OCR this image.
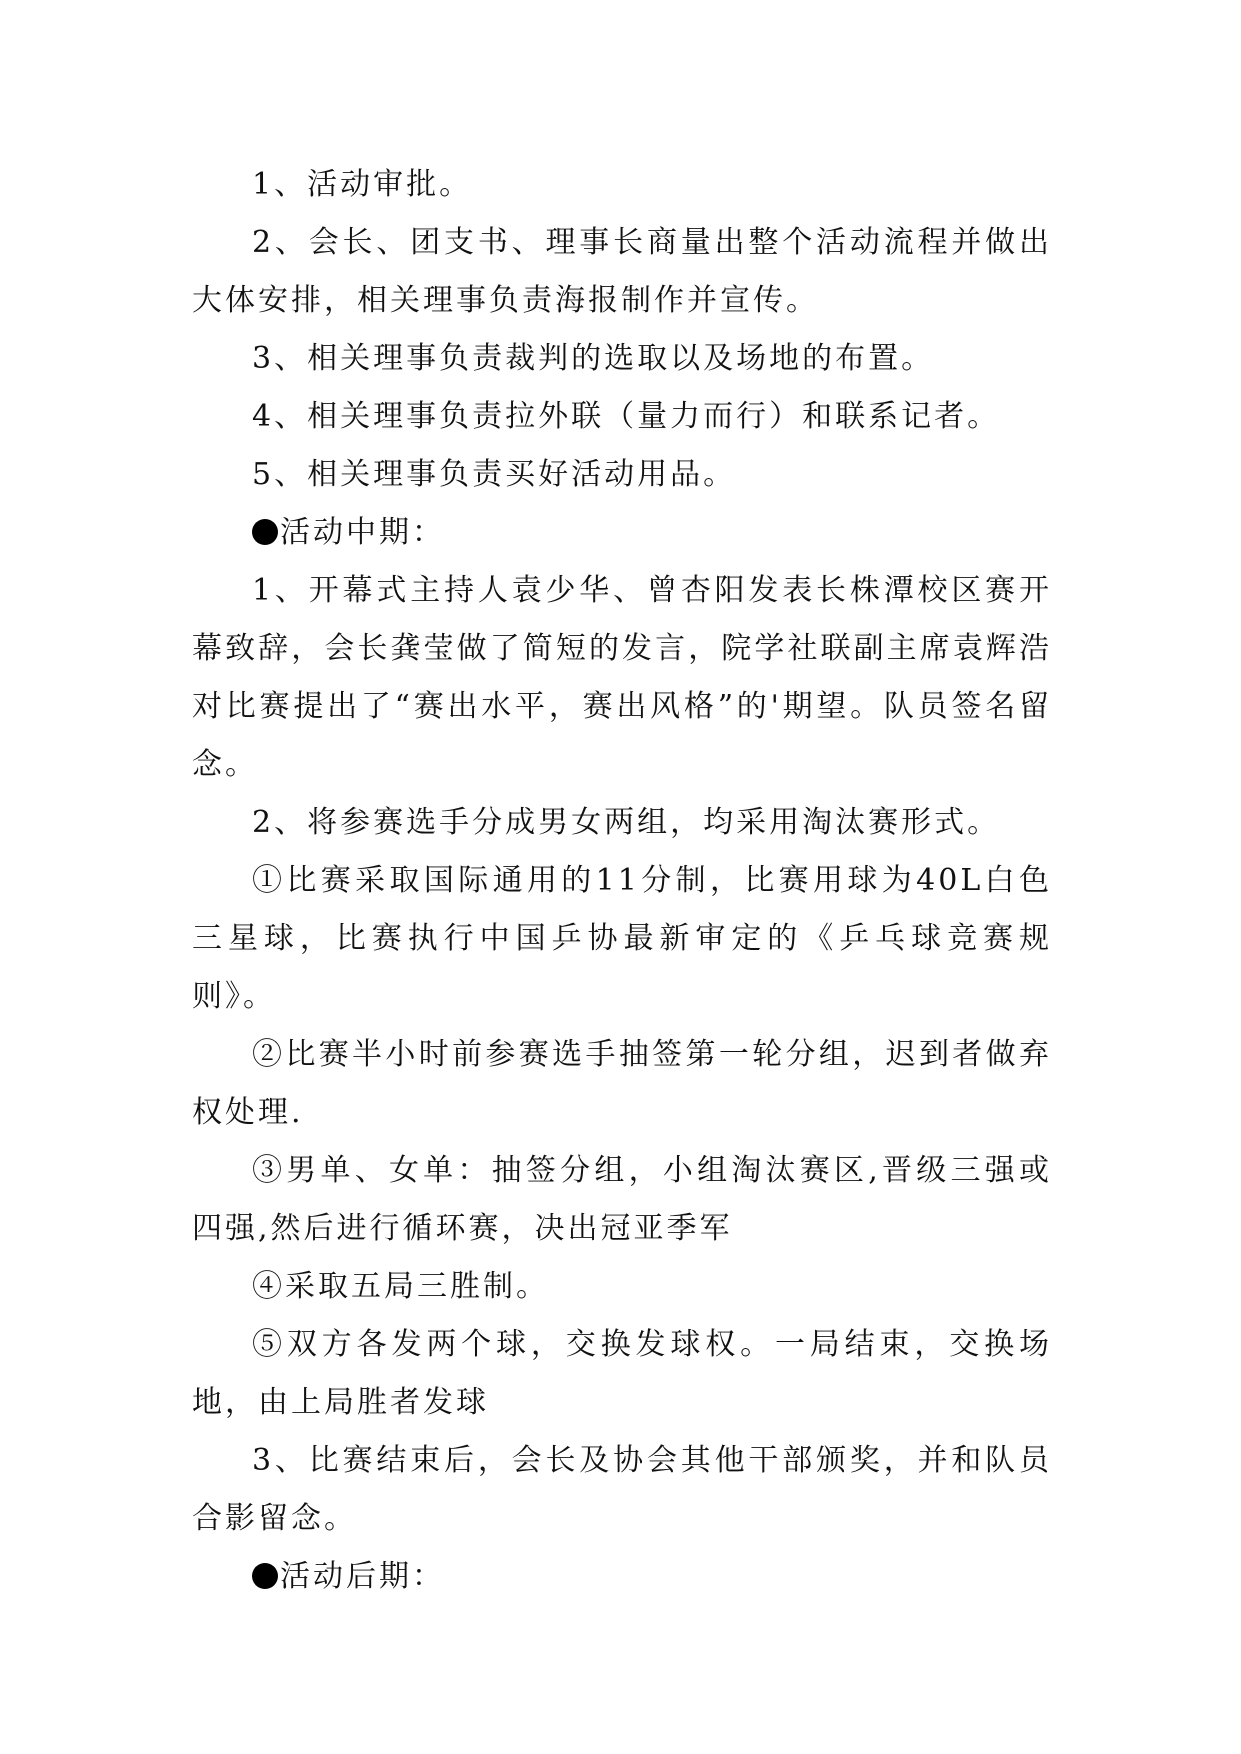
1、活动审批。

2、会长、团支书、理事长商量出整个活动流程并做出大体安排，相关理事负责海报制作并宣传。

3、相关理事负责裁判的选取以及场地的布置。

4、相关理事负责拉外联（量力而行）和联系记者。

5、相关理事负责买好活动用品。

活动中期：

1、开幕式主持人袁少华、曾杏阳发表长株潭校区赛开幕致辞，会长龚莹做了简短的发言，院学社联副主席袁辉浩对比赛提出了“赛出水平，赛出风格”的'期望。队员签名留念。

2、将参赛选手分成男女两组，均采用淘汰赛形式。

①比赛采取国际通用的11分制，比赛用球为40L白色三星球，比赛执行中国乒协最新审定的《乒乓球竞赛规则》。

②比赛半小时前参赛选手抽签第一轮分组，迟到者做弃权处理.

③男单、女单：抽签分组，小组淘汰赛区,晋级三强或四强,然后进行循环赛，决出冠亚季军

④采取五局三胜制。

⑤双方各发两个球，交换发球权。一局结束，交换场地，由上局胜者发球

3、比赛结束后，会长及协会其他干部颁奖，并和队员合影留念。

活动后期：
